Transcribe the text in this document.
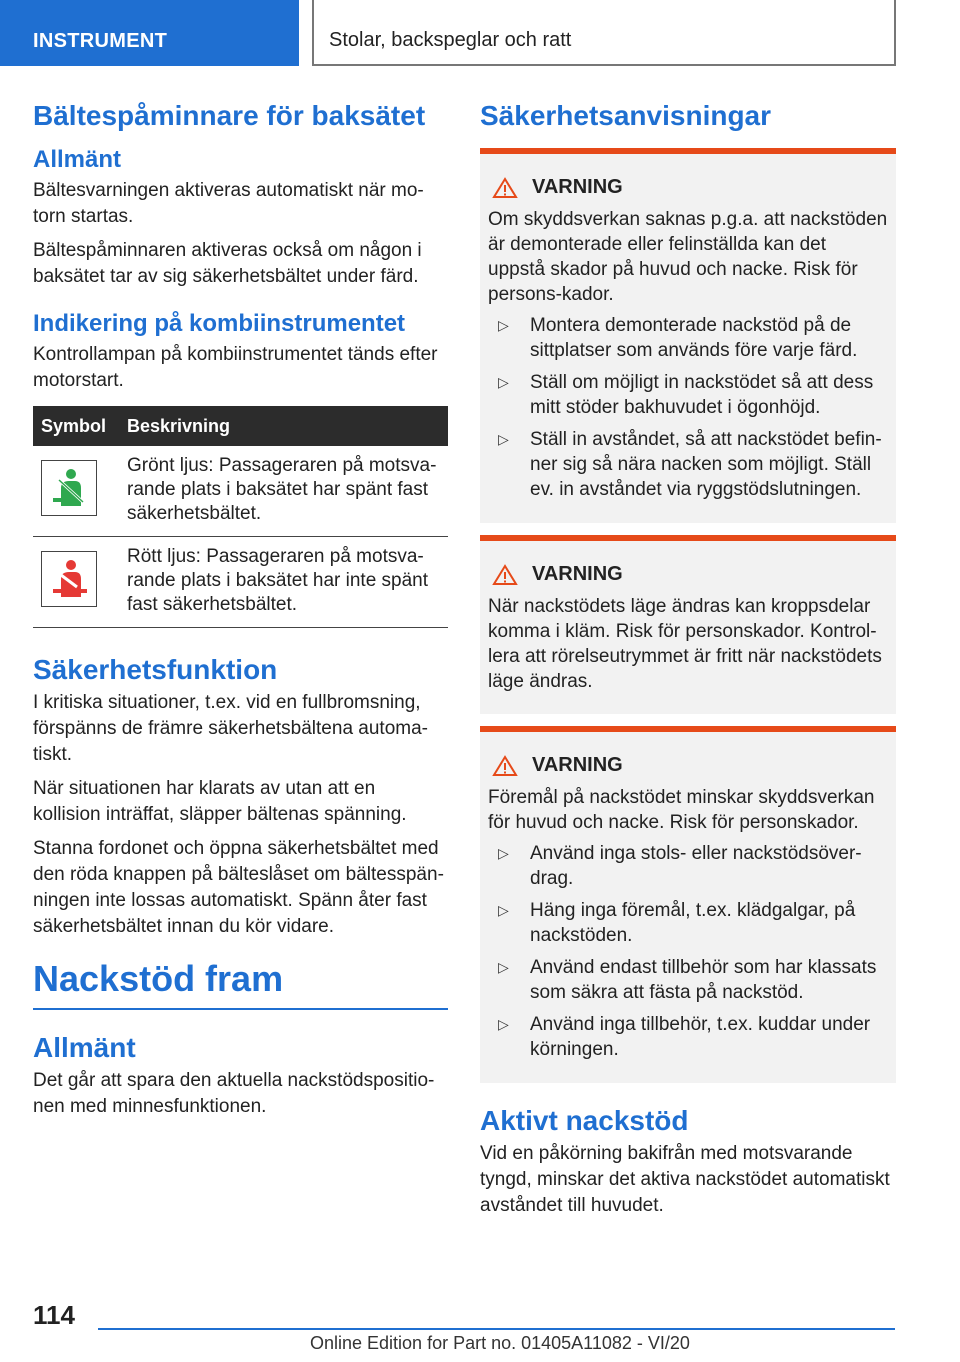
INSTRUMENT	Stolar, backspeglar och ratt
Bältespåminnare för baksätet
Allmänt

Bältesvarningen aktiveras automatiskt när mo-torn startas.

Bältespåminnaren aktiveras också om någon i baksätet tar av sig säkerhetsbältet under färd.

Indikering på kombiinstrumentet

Kontrollampan på kombiinstrumentet tänds efter motorstart.

Symbol	Beskrivning

	Grönt ljus: Passageraren på motsva-rande plats i baksätet har spänt fast säkerhetsbältet.

	Rött ljus: Passageraren på motsva-rande plats i baksätet har inte spänt fast säkerhetsbältet.
Säkerhetsfunktion

I kritiska situationer, t.ex. vid en fullbromsning, förspänns de främre säkerhetsbältena automa-tiskt.

När situationen har klarats av utan att en kollision inträffat, släpper bältenas spänning.

Stanna fordonet och öppna säkerhetsbältet med den röda knappen på bälteslåset om bältesspän-ningen inte lossas automatiskt. Spänn åter fast säkerhetsbältet innan du kör vidare.

Nackstöd fram
Allmänt

Det går att spara den aktuella nackstödspositio-nen med minnesfunktionen.

Säkerhetsanvisningar
VARNING

Om skyddsverkan saknas p.g.a. att nackstöden är demonterade eller felinställda kan det uppstå skador på huvud och nacke. Risk för persons-kador.

▷ Montera demonterade nackstöd på de sittplatser som används före varje färd.
▷ Ställ om möjligt in nackstödet så att dess mitt stöder bakhuvudet i ögonhöjd.
▷ Ställ in avståndet, så att nackstödet befin-ner sig så nära nacken som möjligt. Ställ ev. in avståndet via ryggstödslutningen.
VARNING

När nackstödets läge ändras kan kroppsdelar komma i kläm. Risk för personskador. Kontrol-lera att rörelseutrymmet är fritt när nackstödets läge ändras.

VARNING

Föremål på nackstödet minskar skyddsverkan för huvud och nacke. Risk för personskador.

▷ Använd inga stols- eller nackstödsöver-drag.
▷ Häng inga föremål, t.ex. klädgalgar, på nackstöden.
▷ Använd endast tillbehör som har klassats som säkra att fästa på nackstöd.
▷ Använd inga tillbehör, t.ex. kuddar under körningen.
Aktivt nackstöd

Vid en påkörning bakifrån med motsvarande tyngd, minskar det aktiva nackstödet automatiskt avståndet till huvudet.

114
Online Edition for Part no. 01405A11082 - VI/20
